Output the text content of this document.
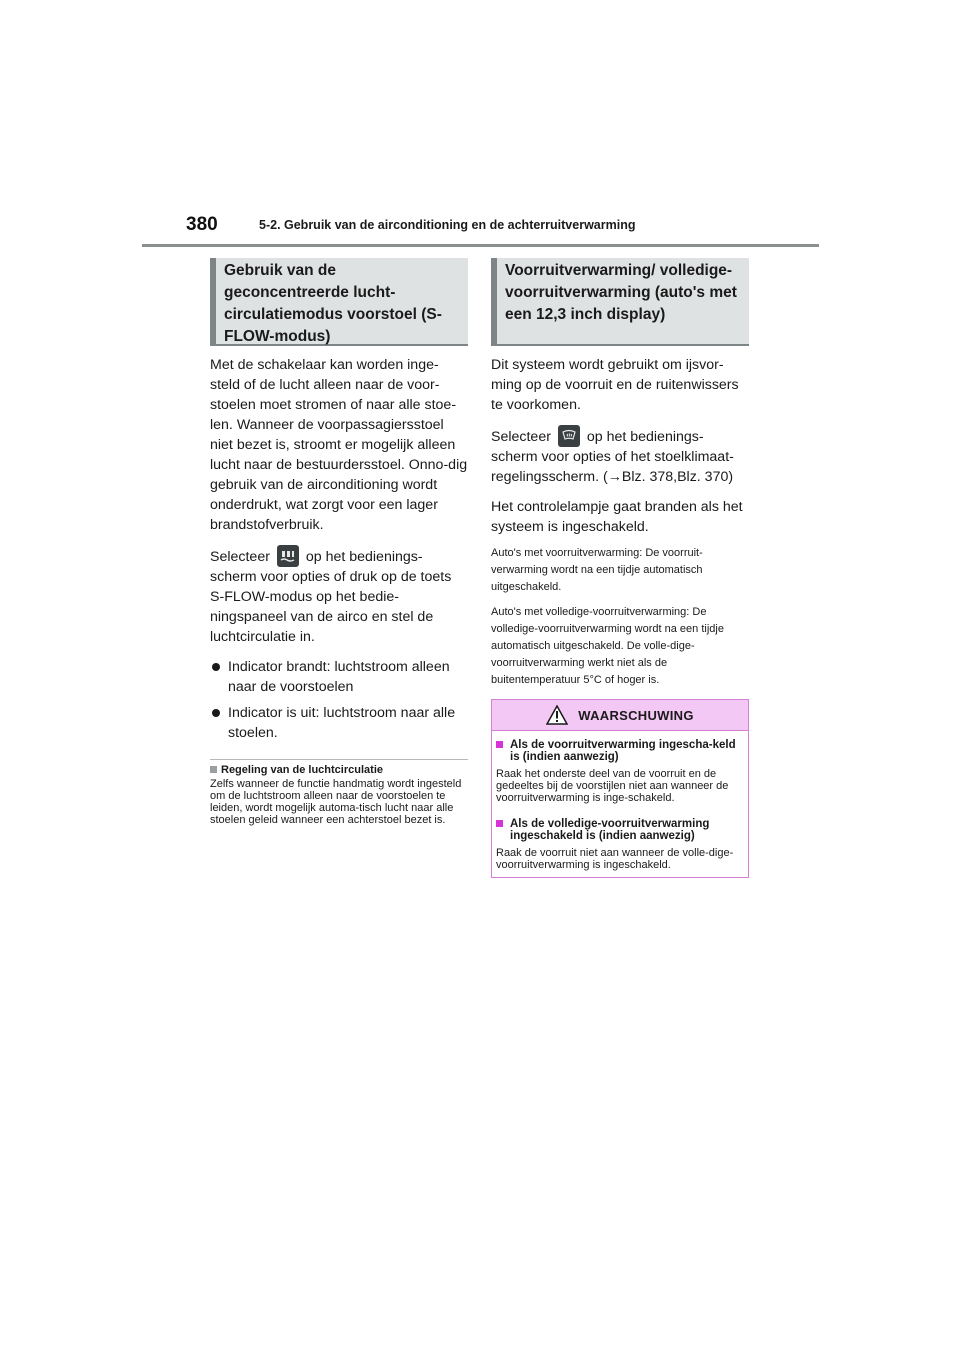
380	5-2. Gebruik van de airconditioning en de achterruitverwarming
Gebruik van de geconcentreerde lucht-circulatiemodus voorstoel (S-FLOW-modus)

Met de schakelaar kan worden inge-steld of de lucht alleen naar de voor-stoelen moet stromen of naar alle stoe-len. Wanneer de voorpassagiersstoel niet bezet is, stroomt er mogelijk alleen lucht naar de bestuurdersstoel. Onno-dig gebruik van de airconditioning wordt onderdrukt, wat zorgt voor een lager brandstofverbruik.

Selecteer	op het bedienings-scherm voor opties of druk op de toets S-FLOW-modus op het bedie-ningspaneel van de airco en stel de luchtcirculatie in.

Indicator brandt: luchtstroom alleen naar de voorstoelen
Indicator is uit: luchtstroom naar alle stoelen.
Regeling van de luchtcirculatie
Zelfs wanneer de functie handmatig wordt ingesteld om de luchtstroom alleen naar de voorstoelen te leiden, wordt mogelijk automa-tisch lucht naar alle stoelen geleid wanneer een achterstoel bezet is.
Voorruitverwarming/ volledige-voorruitverwarming (auto's met een 12,3 inch display)

Dit systeem wordt gebruikt om ijsvor-ming op de voorruit en de ruitenwissers te voorkomen.

Selecteer	op het bedienings-scherm voor opties of het stoelklimaat-regelingsscherm. (→Blz. 378,Blz. 370)

Het controlelampje gaat branden als het systeem is ingeschakeld.

Auto's met voorruitverwarming: De voorruit-verwarming wordt na een tijdje automatisch uitgeschakeld.

Auto's met volledige-voorruitverwarming: De volledige-voorruitverwarming wordt na een tijdje automatisch uitgeschakeld. De volle-dige-voorruitverwarming werkt niet als de buitentemperatuur 5°C of hoger is.

WAARSCHUWING
Als de voorruitverwarming ingescha-keld is (indien aanwezig)
Raak het onderste deel van de voorruit en de gedeeltes bij de voorstijlen niet aan wanneer de voorruitverwarming is inge-schakeld.
Als de volledige-voorruitverwarming ingeschakeld is (indien aanwezig)
Raak de voorruit niet aan wanneer de volle-dige-voorruitverwarming is ingeschakeld.
